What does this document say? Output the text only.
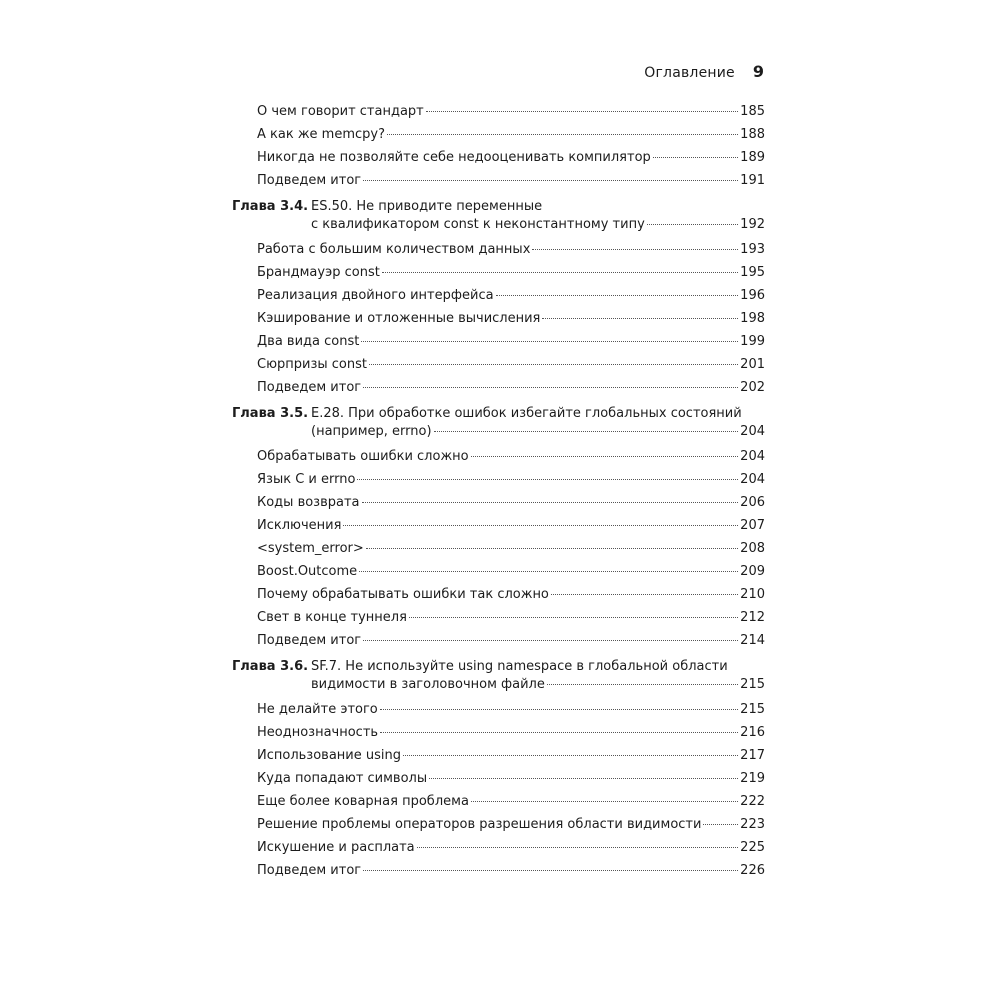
Оглавление 9
О чем говорит стандарт	185
А как же memcpy?	188
Никогда не позволяйте себе недооценивать компилятор	189
Подведем итог	191
Глава 3.4. ES.50. Не приводите переменные
с квалификатором const к неконстантному типу	192
Работа с большим количеством данных	193
Брандмауэр const	195
Реализация двойного интерфейса	196
Кэширование и отложенные вычисления	198
Два вида const	199
Сюрпризы const	201
Подведем итог	202
Глава 3.5. E.28. При обработке ошибок избегайте глобальных состояний
(например, errno)	204
Обрабатывать ошибки сложно	204
Язык C и errno	204
Коды возврата	206
Исключения	207
<system_error>	208
Boost.Outcome	209
Почему обрабатывать ошибки так сложно	210
Свет в конце туннеля	212
Подведем итог	214
Глава 3.6. SF.7. Не используйте using namespace в глобальной области
видимости в заголовочном файле	215
Не делайте этого	215
Неоднозначность	216
Использование using	217
Куда попадают символы	219
Еще более коварная проблема	222
Решение проблемы операторов разрешения области видимости	223
Искушение и расплата	225
Подведем итог	226
